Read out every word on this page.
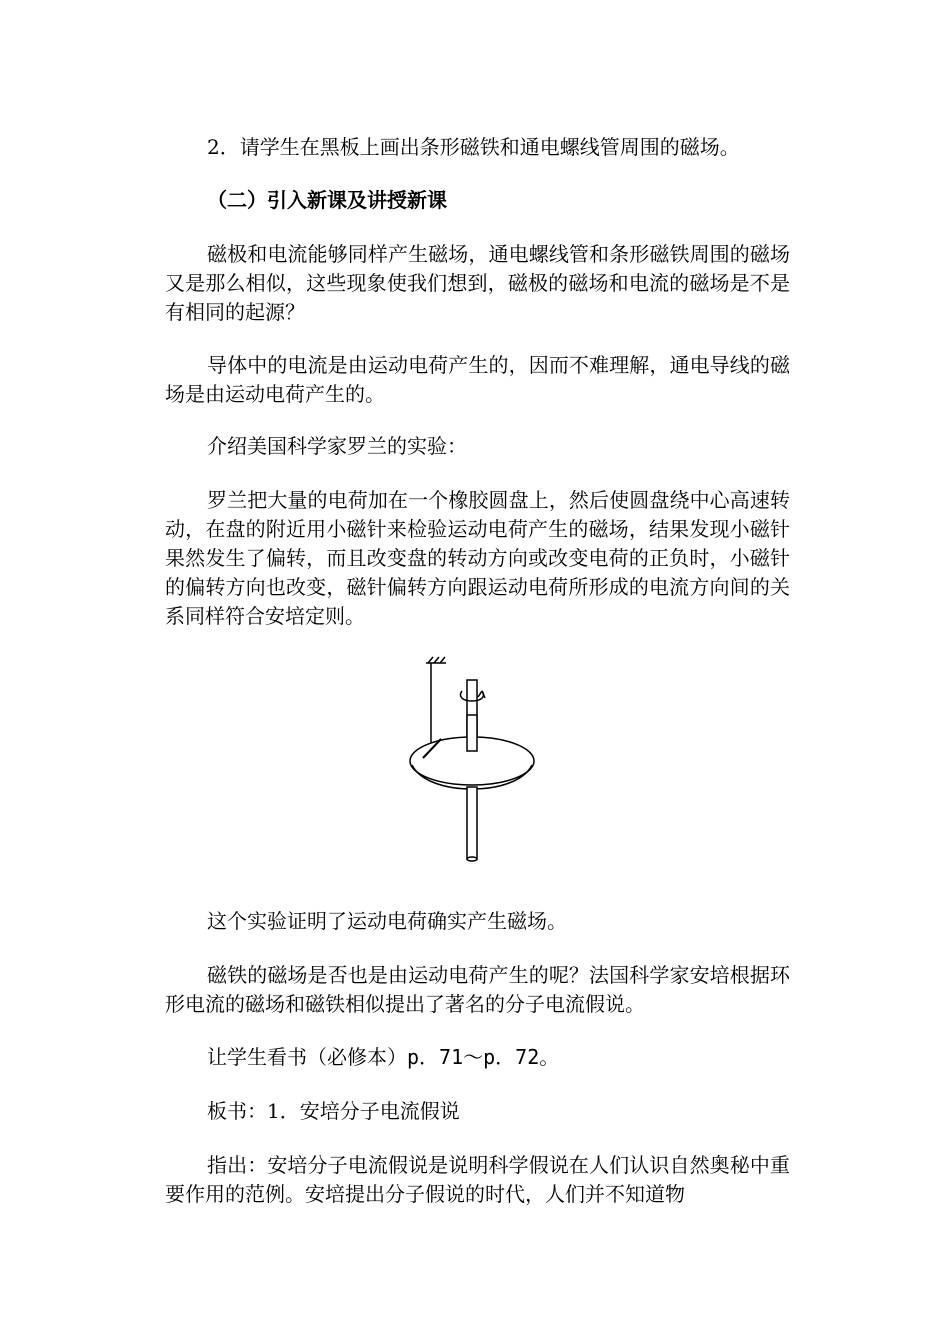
2．请学生在黑板上画出条形磁铁和通电螺线管周围的磁场。

（二）引入新课及讲授新课

磁极和电流能够同样产生磁场，通电螺线管和条形磁铁周围的磁场又是那么相似，这些现象使我们想到，磁极的磁场和电流的磁场是不是有相同的起源？

导体中的电流是由运动电荷产生的，因而不难理解，通电导线的磁场是由运动电荷产生的。

介绍美国科学家罗兰的实验：

罗兰把大量的电荷加在一个橡胶圆盘上，然后使圆盘绕中心高速转动，在盘的附近用小磁针来检验运动电荷产生的磁场，结果发现小磁针果然发生了偏转，而且改变盘的转动方向或改变电荷的正负时，小磁针的偏转方向也改变，磁针偏转方向跟运动电荷所形成的电流方向间的关系同样符合安培定则。

这个实验证明了运动电荷确实产生磁场。

磁铁的磁场是否也是由运动电荷产生的呢？法国科学家安培根据环形电流的磁场和磁铁相似提出了著名的分子电流假说。

让学生看书（必修本）p．71～p．72。

板书：1．安培分子电流假说

指出：安培分子电流假说是说明科学假说在人们认识自然奥秘中重要作用的范例。安培提出分子假说的时代，人们并不知道物
